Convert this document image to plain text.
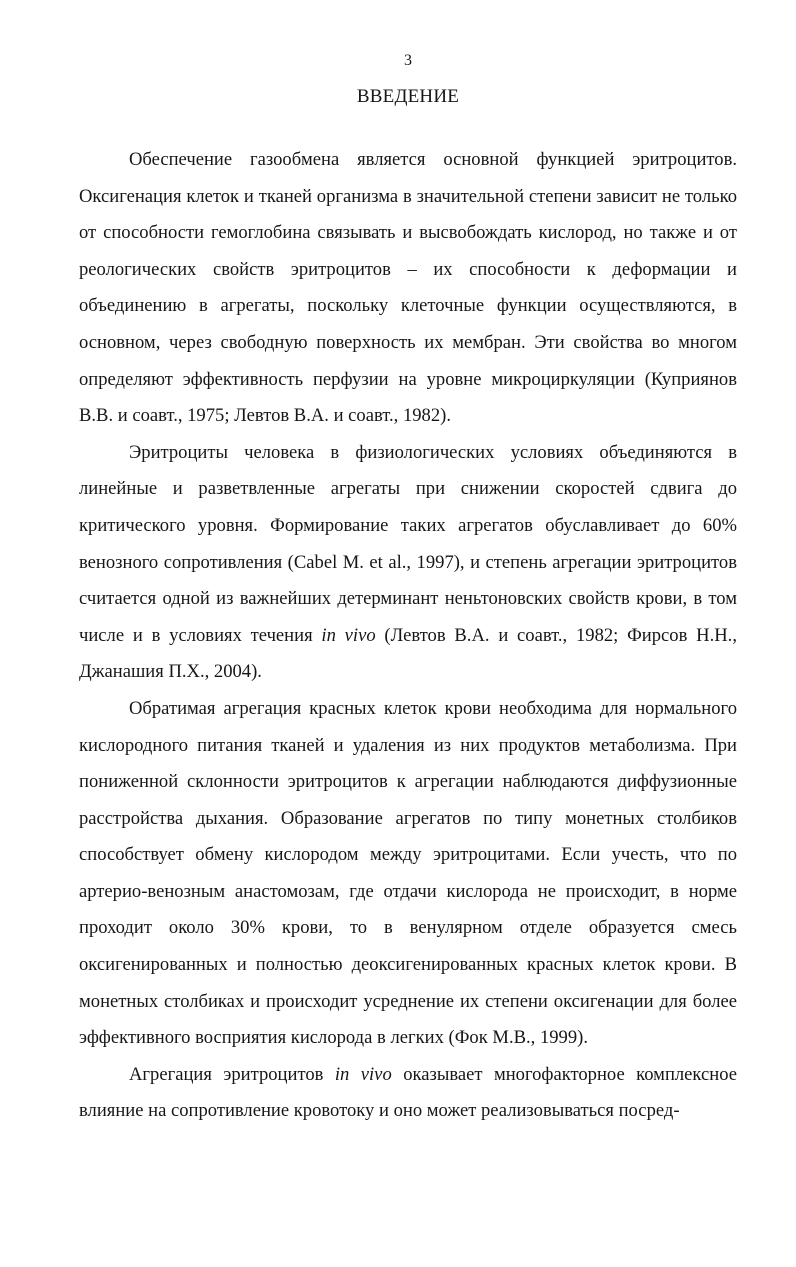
3
ВВЕДЕНИЕ

Обеспечение газообмена является основной функцией эритроцитов. Оксигенация клеток и тканей организма в значительной степени зависит не только от способности гемоглобина связывать и высвобождать кислород, но также и от реологических свойств эритроцитов – их способности к деформации и объединению в агрегаты, поскольку клеточные функции осуществляются, в основном, через свободную поверхность их мембран. Эти свойства во многом определяют эффективность перфузии на уровне микроциркуляции (Куприянов В.В. и соавт., 1975; Левтов В.А. и соавт., 1982).

Эритроциты человека в физиологических условиях объединяются в линейные и разветвленные агрегаты при снижении скоростей сдвига до критического уровня. Формирование таких агрегатов обуславливает до 60% венозного сопротивления (Cabel M. et al., 1997), и степень агрегации эритроцитов считается одной из важнейших детерминант неньтоновских свойств крови, в том числе и в условиях течения in vivo (Левтов В.А. и соавт., 1982; Фирсов Н.Н., Джанашия П.Х., 2004).

Обратимая агрегация красных клеток крови необходима для нормального кислородного питания тканей и удаления из них продуктов метаболизма. При пониженной склонности эритроцитов к агрегации наблюдаются диффузионные расстройства дыхания. Образование агрегатов по типу монетных столбиков способствует обмену кислородом между эритроцитами. Если учесть, что по артерио-венозным анастомозам, где отдачи кислорода не происходит, в норме проходит около 30% крови, то в венулярном отделе образуется смесь оксигенированных и полностью деоксигенированных красных клеток крови. В монетных столбиках и происходит усреднение их степени оксигенации для более эффективного восприятия кислорода в легких (Фок М.В., 1999).

Агрегация эритроцитов in vivo оказывает многофакторное комплексное влияние на сопротивление кровотоку и оно может реализовываться посред-
